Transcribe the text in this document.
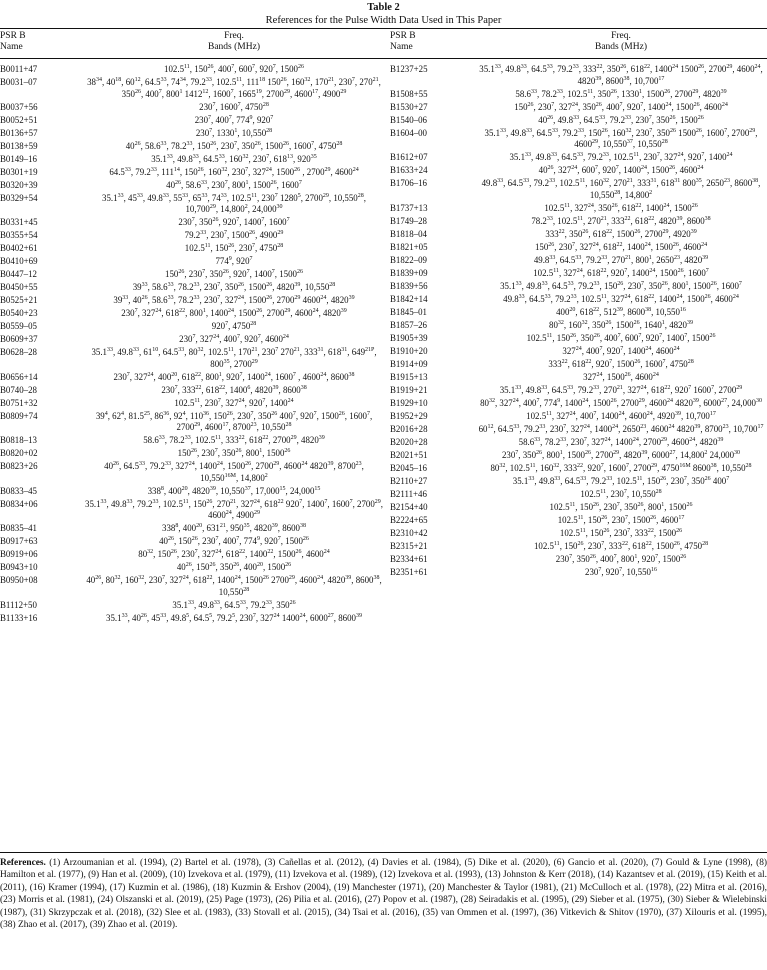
Table 2
References for the Pulse Width Data Used in This Paper
PSR B
Name
Freq.
Bands (MHz)
PSR B
Name
Freq.
Bands (MHz)
B0011+47	102.5$^{11}$, $150^{26}$, $400^7$, $600^7$, $920^7$, 1500$^{26}$
B0031–07	$38^{34}$, $40^{18}$, $60^{12}$, 64.5$^{33}$, $74^{34}$, 79.2$^{33}$, 102.5$^{11}$, $111^{18}$ $150^{26}$, $160^{32}$, $170^{21}$, $230^7$, $270^{21}$, $350^{26}$, $400^7$, $800^1$ 1412$^{12}$, 1600$^7$, 1665$^{19}$, 2700$^{29}$, 4600$^{17}$, 4900$^{29}$
B0037+56	$230^7$, 1600$^7$, 4750$^{28}$
B0052+51	$230^7$, $400^7$, $774^9$, $920^7$
B0136+57	$230^7$, 1330$^1$, 10,550$^{28}$
B0138+59	$40^{26}$, 58.6$^{33}$, 78.2$^{33}$, $150^{26}$, $230^7$, $350^{26}$, 1500$^{26}$, 1600$^7$, 4750$^{28}$
B0149–16	35.1$^{33}$, 49.8$^{33}$, 64.5$^{33}$, $160^{32}$, $230^7$, $618^{13}$, $920^{35}$
B0301+19	64.5$^{33}$, 79.2$^{33}$, $111^{14}$, $150^{26}$, $160^{32}$, $230^7$, $327^{24}$, 1500$^{26}$ , 2700$^{29}$, 4600$^{24}$
B0320+39	$40^{26}$, 58.6$^{33}$, $230^7$, $800^1$, 1500$^{26}$, 1600$^7$
B0329+54	35.1$^{33}$, $45^{33}$, 49.8$^{33}$, $55^{33}$, $65^{33}$, $74^{33}$, 102.5$^{11}$, $230^7$ 1280$^5$, 2700$^{29}$, 10,550$^{28}$, 10,700$^{29}$, 14,800$^2$, 24,000$^{30}$
B0331+45	$230^7$, $350^{26}$, $920^7$, 1400$^7$, 1600$^7$
B0355+54	79.2$^{33}$, $230^7$, 1500$^{26}$, 4900$^{29}$
B0402+61	102.5$^{11}$, $150^{26}$, $230^7$, 4750$^{28}$
B0410+69	$774^9$, $920^7$
B0447–12	$150^{26}$, $230^7$, $350^{26}$, $920^7$, 1400$^7$, 1500$^{26}$
B0450+55	$39^{33}$, 58.6$^{33}$, 78.2$^{33}$, $230^7$, $350^{26}$, 1500$^{26}$, 4820$^{39}$, 10,550$^{28}$
B0525+21	$39^{33}$, $40^{26}$, 58.6$^{33}$, 78.2$^{33}$, $230^7$, $327^{24}$, 1500$^{26}$, 2700$^{29}$ 4600$^{24}$, 4820$^{39}$
B0540+23	$230^7$, $327^{24}$, $618^{22}$, $800^1$, 1400$^{24}$, 1500$^{26}$, 2700$^{29}$, 4600$^{24}$, 4820$^{39}$
B0559–05	$920^7$, 4750$^{28}$
B0609+37	$230^7$, $327^{24}$, $400^7$, $920^7$, 4600$^{24}$
B0628–28	35.1$^{33}$, 49.8$^{33}$, $61^{10}$, 64.5$^{33}$, $80^{32}$, 102.5$^{11}$, $170^{21}$, $230^7$ $270^{21}$, $333^{31}$, $618^{31}$, $649^{21P}$, $800^{35}$, 2700$^{29}$
B0656+14	$230^7$, $327^{24}$, $400^{20}$, $618^{22}$, $800^1$, $920^7$, 1400$^{24}$, 1600$^7$ , 4600$^{24}$, 8600$^{38}$
B0740–28	$230^7$, $333^{22}$, $618^{22}$, 1400$^6$, 4820$^{39}$, 8600$^{38}$
B0751+32	102.5$^{11}$, $230^7$, $327^{24}$, $920^7$, 1400$^{24}$
B0809+74	$39^4$, $62^4$, 81.5$^{25}$, $86^{36}$, $92^4$, $110^{36}$, $150^{26}$, $230^7$, $350^{26}$ $400^7$, $920^7$, 1500$^{26}$, 1600$^7$, 2700$^{29}$, 4600$^{17}$, 8700$^{23}$, 10,550$^{28}$
B0818–13	58.6$^{33}$, 78.2$^{33}$, 102.5$^{11}$, $333^{22}$, $618^{22}$, 2700$^{29}$, 4820$^{39}$
B0820+02	$150^{26}$, $230^7$, $350^{26}$, $800^1$, 1500$^{26}$
B0823+26	$40^{26}$, 64.5$^{33}$, 79.2$^{33}$, $327^{24}$, 1400$^{24}$, 1500$^{26}$, 2700$^{29}$, 4600$^{24}$ 4820$^{39}$, 8700$^{23}$, $10,550^{16M}$, 14,800$^2$
B0833–45	$338^8$, $400^{20}$, 4820$^{39}$, 10,550$^{37}$, 17,000$^{15}$, 24,000$^{15}$
B0834+06	35.1$^{33}$, 49.8$^{33}$, 79.2$^{33}$, 102.5$^{11}$, $150^{26}$, $270^{21}$, $327^{24}$, $618^{22}$ $920^7$, 1400$^7$, 1600$^7$, 2700$^{29}$, 4600$^{24}$, 4900$^{29}$
B0835–41	$338^8$, $400^{20}$, $631^{21}$, $950^{35}$, 4820$^{39}$, 8600$^{38}$
B0917+63	$40^{26}$, $150^{26}$, $230^7$, $400^7$, $774^9$, $920^7$, 1500$^{26}$
B0919+06	$80^{32}$, $150^{26}$, $230^7$, $327^{24}$, $618^{22}$, 1400$^{22}$, 1500$^{26}$, 4600$^{24}$
B0943+10	$40^{26}$, $150^{26}$, $350^{26}$, $400^{20}$, 1500$^{26}$
B0950+08	$40^{26}$, $80^{32}$, $160^{32}$, $230^7$, $327^{24}$, $618^{22}$, 1400$^{24}$, 1500$^{26}$ 2700$^{29}$, 4600$^{24}$, 4820$^{39}$, 8600$^{38}$, 10,550$^{28}$
B1112+50	35.1$^{33}$, 49.8$^{33}$, 64.5$^{33}$, 79.2$^{33}$, $350^{26}$
B1133+16	35.1$^{33}$, $40^{26}$, $45^{33}$, 49.8$^5$, 64.5$^5$, 79.2$^5$, $230^7$, $327^{24}$ 1400$^{24}$, 6000$^{27}$, 8600$^{39}$
B1237+25	35.1$^{33}$, 49.8$^{33}$, 64.5$^{33}$, 79.2$^{33}$, $333^{22}$, $350^{26}$, $618^{22}$, 1400$^{24}$ 1500$^{26}$, 2700$^{29}$, 4600$^{24}$, 4820$^{39}$, 8600$^{38}$, 10,700$^{17}$
B1508+55	58.6$^{33}$, 78.2$^{33}$, 102.5$^{11}$, $350^{26}$, 1330$^1$, 1500$^{26}$, 2700$^{29}$, 4820$^{39}$
B1530+27	$150^{26}$, $230^7$, $327^{24}$, $350^{26}$, $400^7$, $920^7$, 1400$^{24}$, 1500$^{26}$, 4600$^{24}$
B1540–06	$40^{26}$, 49.8$^{33}$, 64.5$^{33}$, 79.2$^{33}$, $230^7$, $350^{26}$, 1500$^{26}$
B1604–00	35.1$^{33}$, 49.8$^{33}$, 64.5$^{33}$, 79.2$^{33}$, $150^{26}$, $160^{32}$, $230^7$, $350^{26}$ 1500$^{26}$, 1600$^7$, 2700$^{29}$, 4600$^{29}$, 10,550$^{37}$, 10,550$^{28}$
B1612+07	35.1$^{33}$, 49.8$^{33}$, 64.5$^{33}$, 79.2$^{33}$, 102.5$^{11}$, $230^7$, $327^{24}$, $920^7$, 1400$^{24}$
B1633+24	$40^{26}$, $327^{24}$, $600^7$, $920^7$, 1400$^{24}$, 1500$^{26}$, 4600$^{24}$
B1706–16	49.8$^{33}$, 64.5$^{33}$, 79.2$^{33}$, 102.5$^{11}$, $160^{32}$, $270^{21}$, $333^{31}$, $618^{31}$ $800^{35}$, 2650$^{23}$, 8600$^{38}$, 10,550$^{28}$, 14,800$^2$
B1737+13	102.5$^{11}$, $327^{24}$, $350^{26}$, $618^{22}$, 1400$^{24}$, 1500$^{26}$
B1749–28	78.2$^{33}$, 102.5$^{11}$, $270^{21}$, $333^{22}$, $618^{22}$, 4820$^{39}$, 8600$^{38}$
B1818–04	$333^{22}$, $350^{26}$, $618^{22}$, 1500$^{26}$, 2700$^{29}$, 4920$^{39}$
B1821+05	$150^{26}$, $230^7$, $327^{24}$, $618^{22}$, 1400$^{24}$, 1500$^{26}$, 4600$^{24}$
B1822–09	49.8$^{33}$, 64.5$^{33}$, 79.2$^{33}$, $270^{21}$, $800^1$, 2650$^{23}$, 4820$^{39}$
B1839+09	102.5$^{11}$, $327^{24}$, $618^{22}$, $920^7$, 1400$^{24}$, 1500$^{26}$, 1600$^7$
B1839+56	35.1$^{33}$, 49.8$^{33}$, 64.5$^{33}$, 79.2$^{33}$, $150^{26}$, $230^7$, $350^{26}$, $800^1$, 1500$^{26}$, 1600$^7$
B1842+14	49.8$^{33}$, 64.5$^{33}$, 79.2$^{33}$, 102.5$^{11}$, $327^{24}$, $618^{22}$, 1400$^{24}$, 1500$^{26}$, 4600$^{24}$
B1845–01	$400^{20}$, $618^{22}$, $512^{39}$, 8600$^{38}$, 10,550$^{16}$
B1857–26	$80^{32}$, $160^{32}$, $350^{26}$, 1500$^{26}$, 1640$^1$, 4820$^{39}$
B1905+39	102.5$^{11}$, $150^{26}$, $350^{26}$, $400^7$, $600^7$, $920^7$, 1400$^7$, 1500$^{26}$
B1910+20	$327^{24}$, $400^7$, $920^7$, 1400$^{24}$, 4600$^{24}$
B1914+09	$333^{22}$, $618^{22}$, $920^7$, 1500$^{26}$, 1600$^7$, 4750$^{28}$
B1915+13	$327^{24}$, 1500$^{26}$, 4600$^{24}$
B1919+21	35.1$^{33}$, 49.8$^{33}$, 64.5$^{33}$, 79.2$^{33}$, $270^{21}$, $327^{24}$, $618^{22}$, $920^7$ 1600$^7$, 2700$^{29}$
B1929+10	$80^{32}$, $327^{24}$, $400^7$, $774^9$, 1400$^{24}$, 1500$^{26}$, 2700$^{29}$, 4600$^{24}$ 4820$^{39}$, 6000$^{27}$, 24,000$^{30}$
B1952+29	102.5$^{11}$, $327^{24}$, $400^7$, 1400$^{24}$, 4600$^{24}$, 4920$^{39}$, 10,700$^{17}$
B2016+28	$60^{12}$, 64.5$^{33}$, 79.2$^{33}$, $230^7$, $327^{24}$, 1400$^{24}$, 2650$^{23}$, 4600$^{24}$ 4820$^{39}$, 8700$^{23}$, 10,700$^{17}$
B2020+28	58.6$^{33}$, 78.2$^{33}$, $230^7$, $327^{24}$, 1400$^{24}$, 2700$^{29}$, 4600$^{24}$, 4820$^{39}$
B2021+51	$230^7$, $350^{26}$, $800^1$, 1500$^{26}$, 2700$^{29}$, 4820$^{39}$, 6000$^{27}$, 14,800$^2$ 24,000$^{30}$
B2045–16	$80^{32}$, 102.5$^{11}$, $160^{32}$, $333^{22}$, $920^7$, 1600$^7$, 2700$^{29}$, $4750^{16M}$ 8600$^{38}$, 10,550$^{28}$
B2110+27	35.1$^{33}$, 49.8$^{33}$, 64.5$^{33}$, 79.2$^{33}$, 102.5$^{11}$, $150^{26}$, $230^7$, $350^{26}$ $400^7$
B2111+46	102.5$^{11}$, $230^7$, 10,550$^{28}$
B2154+40	102.5$^{11}$, $150^{26}$, $230^7$, $350^{26}$, $800^1$, 1500$^{26}$
B2224+65	102.5$^{11}$, $150^{26}$, $230^7$, 1500$^{26}$, 4600$^{17}$
B2310+42	102.5$^{11}$, $150^{26}$, $230^7$, $333^{22}$, 1500$^{26}$
B2315+21	102.5$^{11}$, $150^{26}$, $230^7$, $333^{22}$, $618^{22}$, 1500$^{26}$, 4750$^{28}$
B2334+61	$230^7$, $350^{26}$, $400^7$, $800^1$, $920^7$, 1500$^{26}$
B2351+61	$230^7$, $920^7$, 10,550$^{16}$
References. (1) Arzoumanian et al. (1994), (2) Bartel et al. (1978), (3) Cañellas et al. (2012), (4) Davies et al. (1984), (5) Dike et al. (2020), (6) Gancio et al. (2020), (7) Gould & Lyne (1998), (8) Hamilton et al. (1977), (9) Han et al. (2009), (10) Izvekova et al. (1979), (11) Izvekova et al. (1989), (12) Izvekova et al. (1993), (13) Johnston & Kerr (2018), (14) Kazantsev et al. (2019), (15) Keith et al. (2011), (16) Kramer (1994), (17) Kuzmin et al. (1986), (18) Kuzmin & Ershov (2004), (19) Manchester (1971), (20) Manchester & Taylor (1981), (21) McCulloch et al. (1978), (22) Mitra et al. (2016), (23) Morris et al. (1981), (24) Olszanski et al. (2019), (25) Page (1973), (26) Pilia et al. (2016), (27) Popov et al. (1987), (28) Seiradakis et al. (1995), (29) Sieber et al. (1975), (30) Sieber & Wielebinski (1987), (31) Skrzypczak et al. (2018), (32) Slee et al. (1983), (33) Stovall et al. (2015), (34) Tsai et al. (2016), (35) van Ommen et al. (1997), (36) Vitkevich & Shitov (1970), (37) Xilouris et al. (1995), (38) Zhao et al. (2017), (39) Zhao et al. (2019).
